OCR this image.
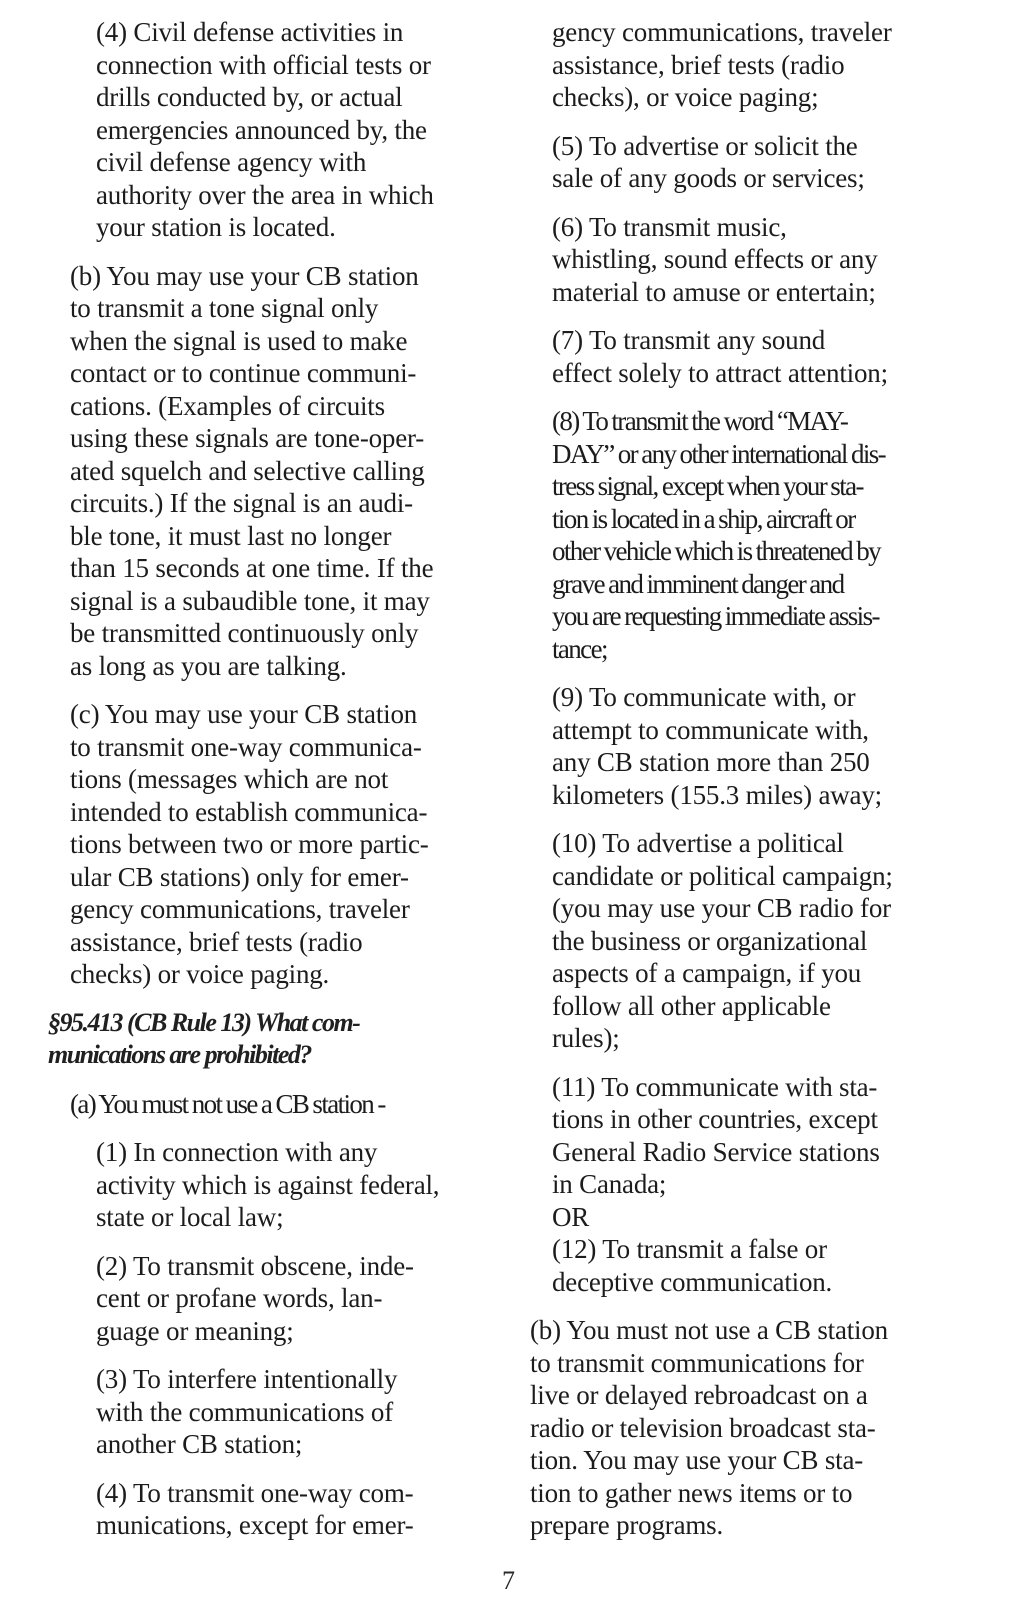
(4) Civil defense activities in
connection with official tests or
drills conducted by, or actual
emergencies announced by, the
civil defense agency with
authority over the area in which
your station is located.

(b) You may use your CB station
to transmit a tone signal only
when the signal is used to make
contact or to continue communi-
cations. (Examples of circuits
using these signals are tone-oper-
ated squelch and selective calling
circuits.) If the signal is an audi-
ble tone, it must last no longer
than 15 seconds at one time. If the
signal is a subaudible tone, it may
be transmitted continuously only
as long as you are talking.

(c) You may use your CB station
to transmit one-way communica-
tions (messages which are not
intended to establish communica-
tions between two or more partic-
ular CB stations) only for emer-
gency communications, traveler
assistance, brief tests (radio
checks) or voice paging.

§95.413 (CB Rule 13) What com-
munications are prohibited?

(a) You must not use a CB station -

(1) In connection with any
activity which is against federal,
state or local law;

(2) To transmit obscene, inde-
cent or profane words, lan-
guage or meaning;

(3) To interfere intentionally
with the communications of
another CB station;

(4) To transmit one-way com-
munications, except for emer-

gency communications, traveler
assistance, brief tests (radio
checks), or voice paging;

(5) To advertise or solicit the
sale of any goods or services;

(6) To transmit music,
whistling, sound effects or any
material to amuse or entertain;

(7) To transmit any sound
effect solely to attract attention;

(8) To transmit the word “MAY-
DAY” or any other international dis-
tress signal, except when your sta-
tion is located in a ship, aircraft or
other vehicle which is threatened by
grave and imminent danger and
you are requesting immediate assis-
tance;

(9) To communicate with, or
attempt to communicate with,
any CB station more than 250
kilometers (155.3 miles) away;

(10) To advertise a political
candidate or political campaign;
(you may use your CB radio for
the business or organizational
aspects of a campaign, if you
follow all other applicable
rules);

(11) To communicate with sta-
tions in other countries, except
General Radio Service stations
in Canada;
OR
(12) To transmit a false or
deceptive communication.

(b) You must not use a CB station
to transmit communications for
live or delayed rebroadcast on a
radio or television broadcast sta-
tion. You may use your CB sta-
tion to gather news items or to
prepare programs.

7
